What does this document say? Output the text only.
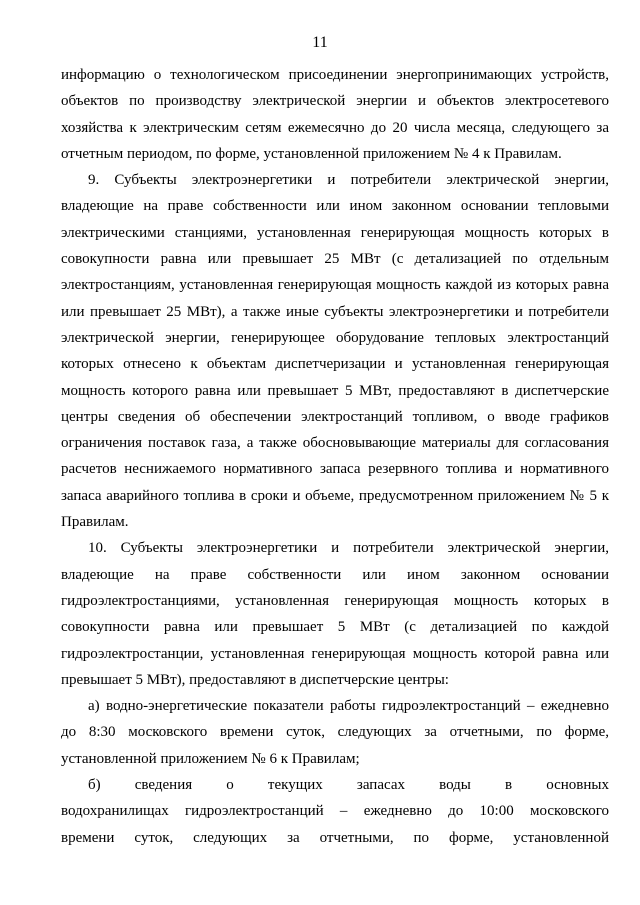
11
информацию о технологическом присоединении энергопринимающих устройств,
объектов по производству электрической энергии и объектов электросетевого
хозяйства к электрическим сетям ежемесячно до 20 числа месяца, следующего за
отчетным периодом, по форме, установленной приложением № 4 к Правилам.
9. Субъекты электроэнергетики и потребители электрической энергии,
владеющие на праве собственности или ином законном основании тепловыми
электрическими станциями, установленная генерирующая мощность которых в
совокупности равна или превышает 25 МВт (с детализацией по отдельным
электростанциям, установленная генерирующая мощность каждой из которых равна
или превышает 25 МВт), а также иные субъекты электроэнергетики и потребители
электрической энергии, генерирующее оборудование тепловых электростанций
которых отнесено к объектам диспетчеризации и установленная генерирующая
мощность которого равна или превышает 5 МВт, предоставляют в диспетчерские
центры сведения об обеспечении электростанций топливом, о вводе графиков
ограничения поставок газа, а также обосновывающие материалы для согласования
расчетов неснижаемого нормативного запаса резервного топлива и нормативного
запаса аварийного топлива в сроки и объеме, предусмотренном приложением № 5 к
Правилам.
10. Субъекты электроэнергетики и потребители электрической энергии,
владеющие на праве собственности или ином законном основании
гидроэлектростанциями, установленная генерирующая мощность которых в
совокупности равна или превышает 5 МВт (с детализацией по каждой
гидроэлектростанции, установленная генерирующая мощность которой равна или
превышает 5 МВт), предоставляют в диспетчерские центры:
а) водно-энергетические показатели работы гидроэлектростанций – ежедневно
до 8:30 московского времени суток, следующих за отчетными, по форме,
установленной приложением № 6 к Правилам;
б) сведения о текущих запасах воды в основных
водохранилищах гидроэлектростанций – ежедневно до 10:00 московского
времени суток, следующих за отчетными, по форме, установленной
